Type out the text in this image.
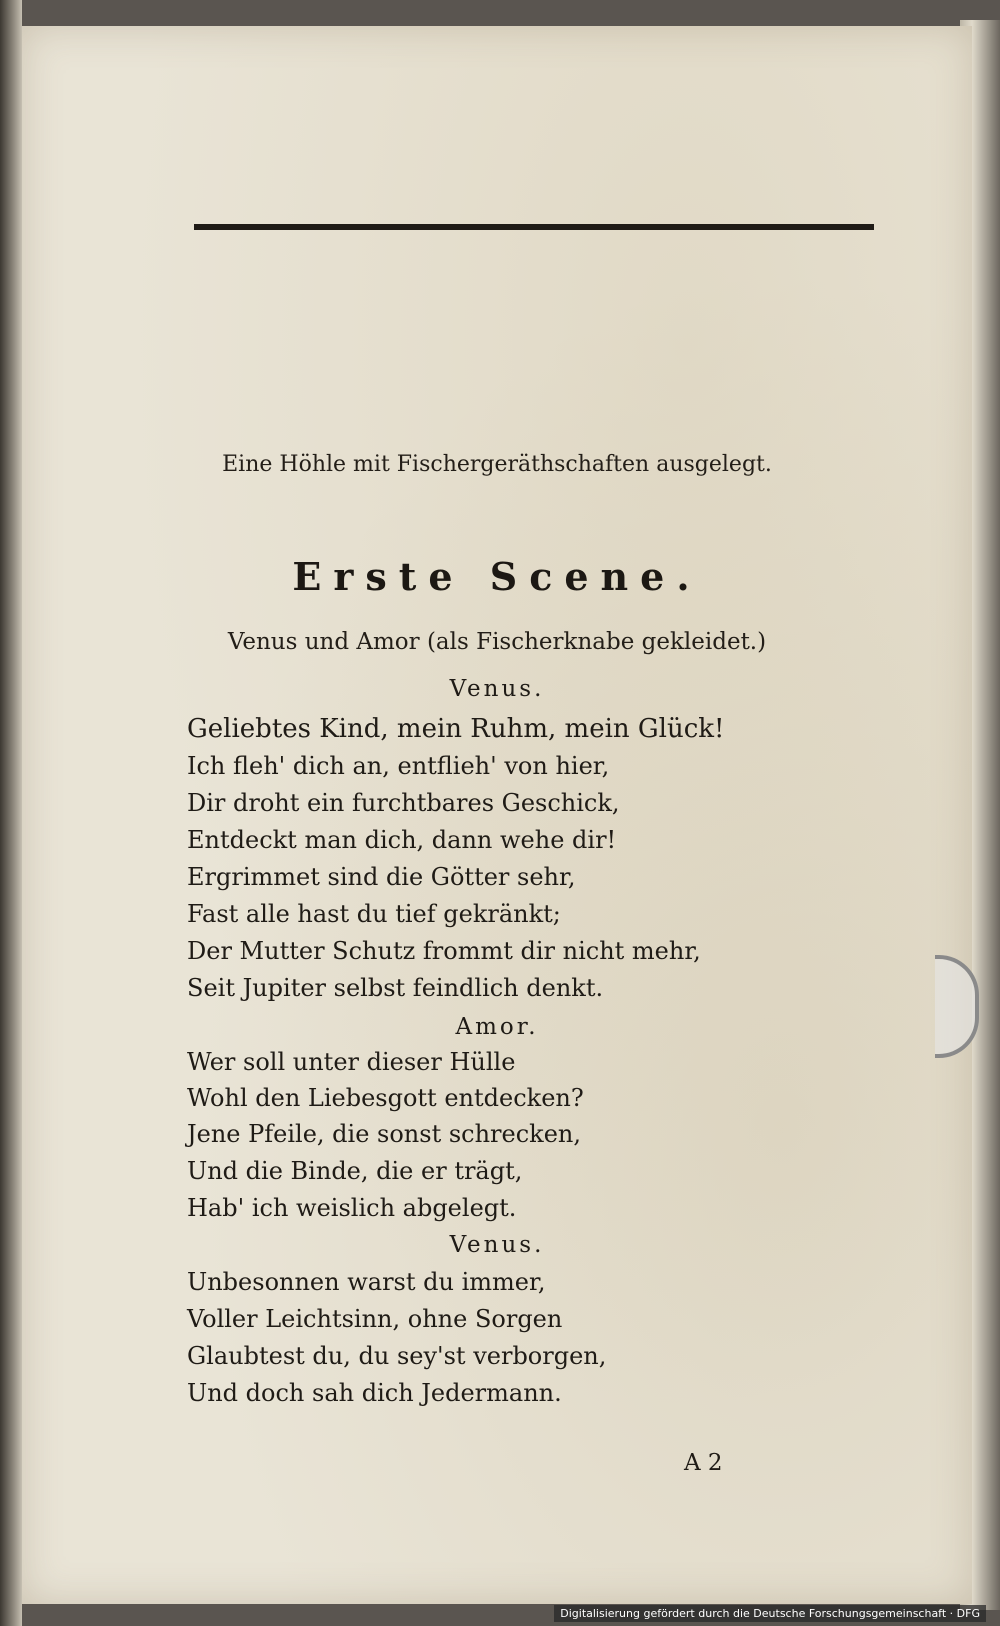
Eine Höhle mit Fischergeräthschaften ausgelegt.
Erste Scene.
Venus und Amor (als Fischerknabe gekleidet.)
Venus.
Geliebtes Kind, mein Ruhm, mein Glück!
Ich fleh' dich an, entflieh' von hier,
Dir droht ein furchtbares Geschick,
Entdeckt man dich, dann wehe dir!
Ergrimmet sind die Götter sehr,
Fast alle hast du tief gekränkt;
Der Mutter Schutz frommt dir nicht mehr,
Seit Jupiter selbst feindlich denkt.
Amor.
Wer soll unter dieser Hülle
Wohl den Liebesgott entdecken?
Jene Pfeile, die sonst schrecken,
Und die Binde, die er trägt,
Hab' ich weislich abgelegt.
Venus.
Unbesonnen warst du immer,
Voller Leichtsinn, ohne Sorgen
Glaubtest du, du sey'st verborgen,
Und doch sah dich Jedermann.
A 2
Digitalisierung gefördert durch die Deutsche Forschungsgemeinschaft · DFG
